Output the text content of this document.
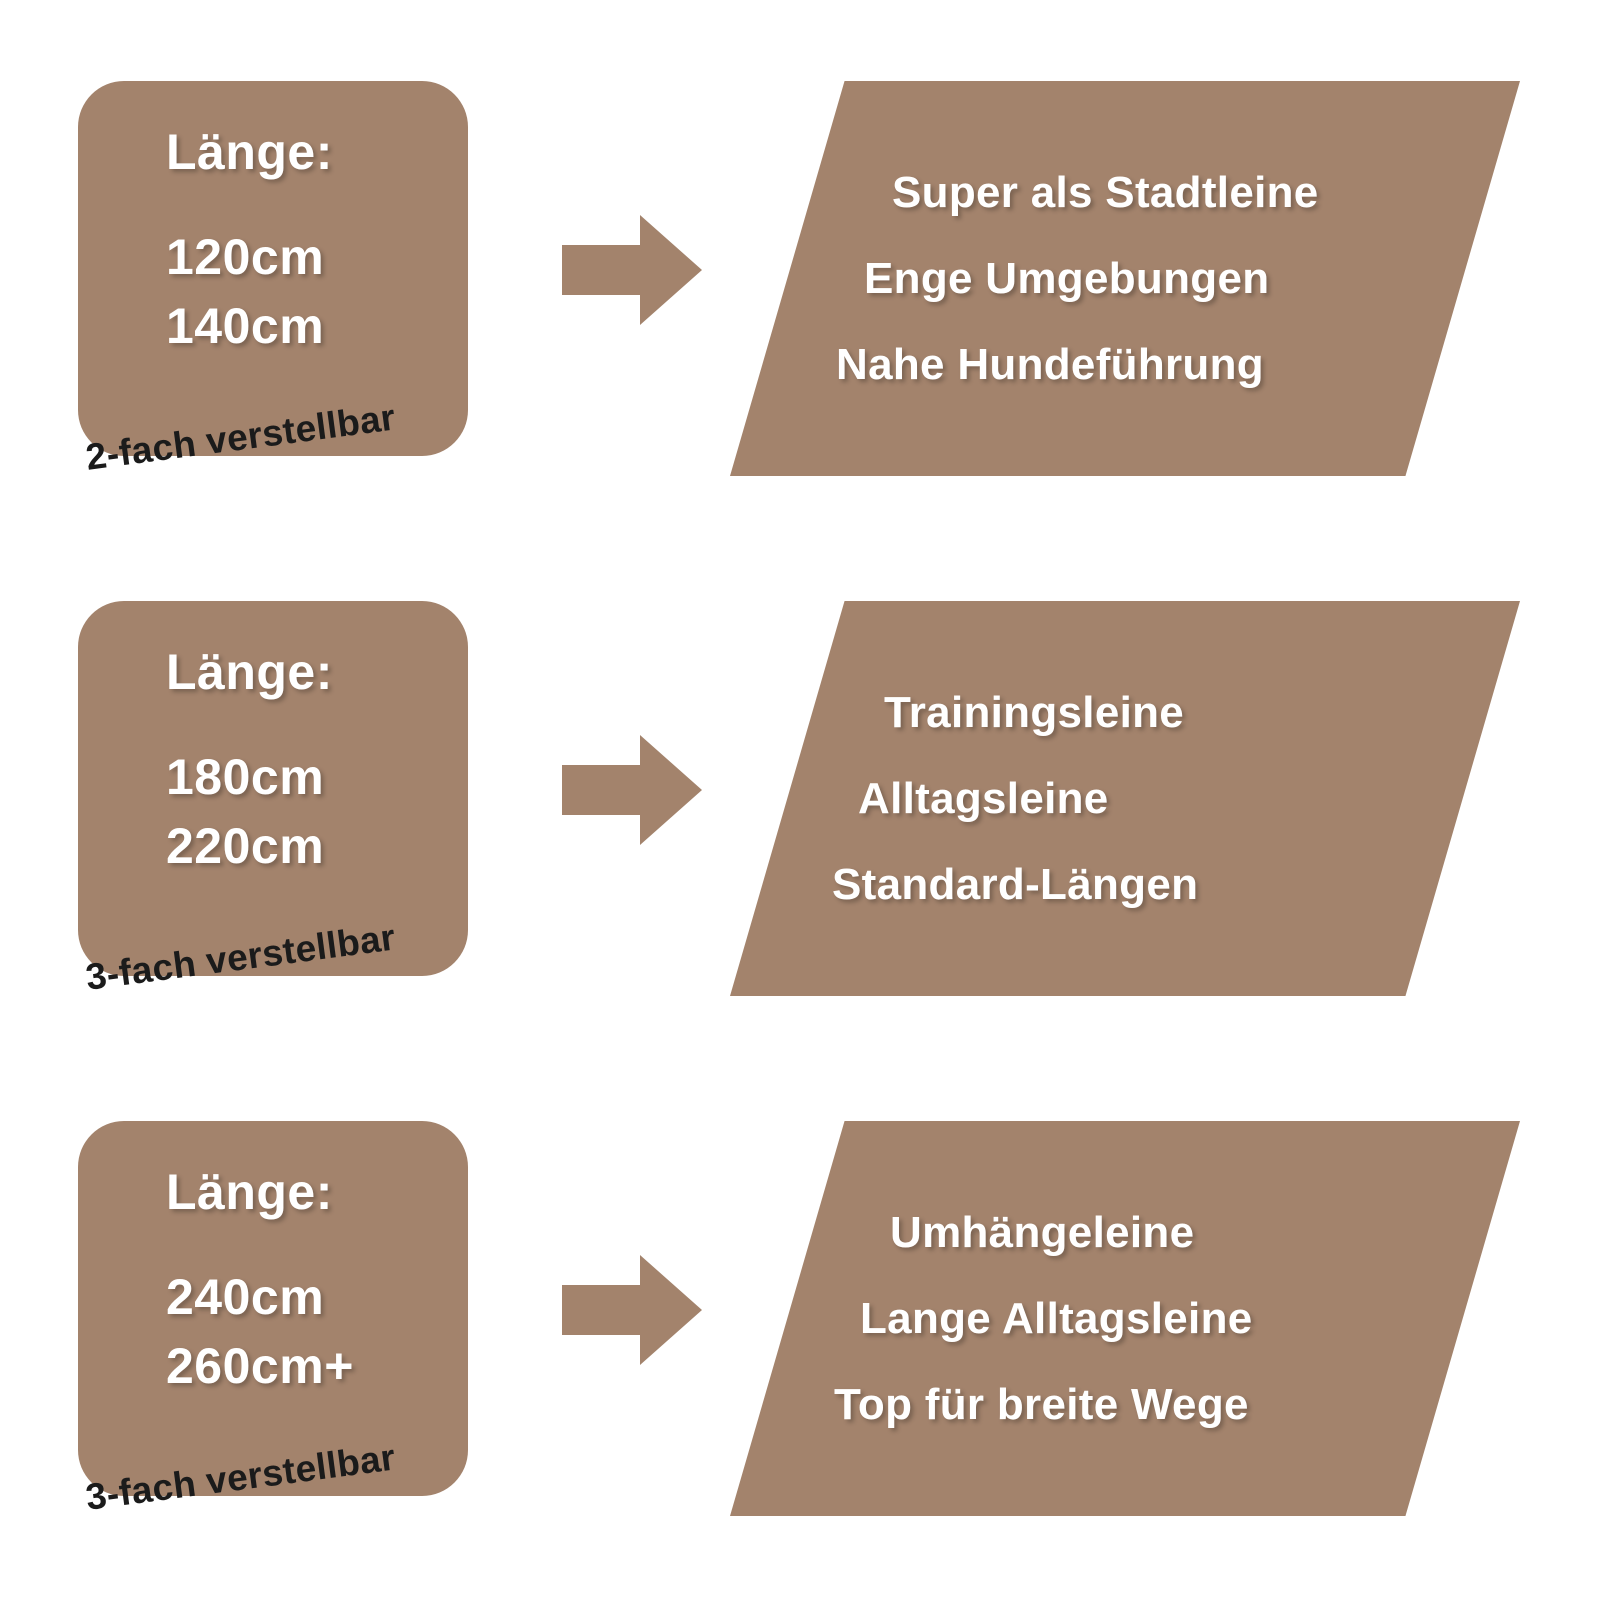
Länge:
120cm
140cm
2-fach verstellbar
Super als Stadtleine
Enge Umgebungen
Nahe Hundeführung
Länge:
180cm
220cm
3-fach verstellbar
Trainingsleine
Alltagsleine
Standard-Längen
Länge:
240cm
260cm+
3-fach verstellbar
Umhängeleine
Lange Alltagsleine
Top für breite Wege
